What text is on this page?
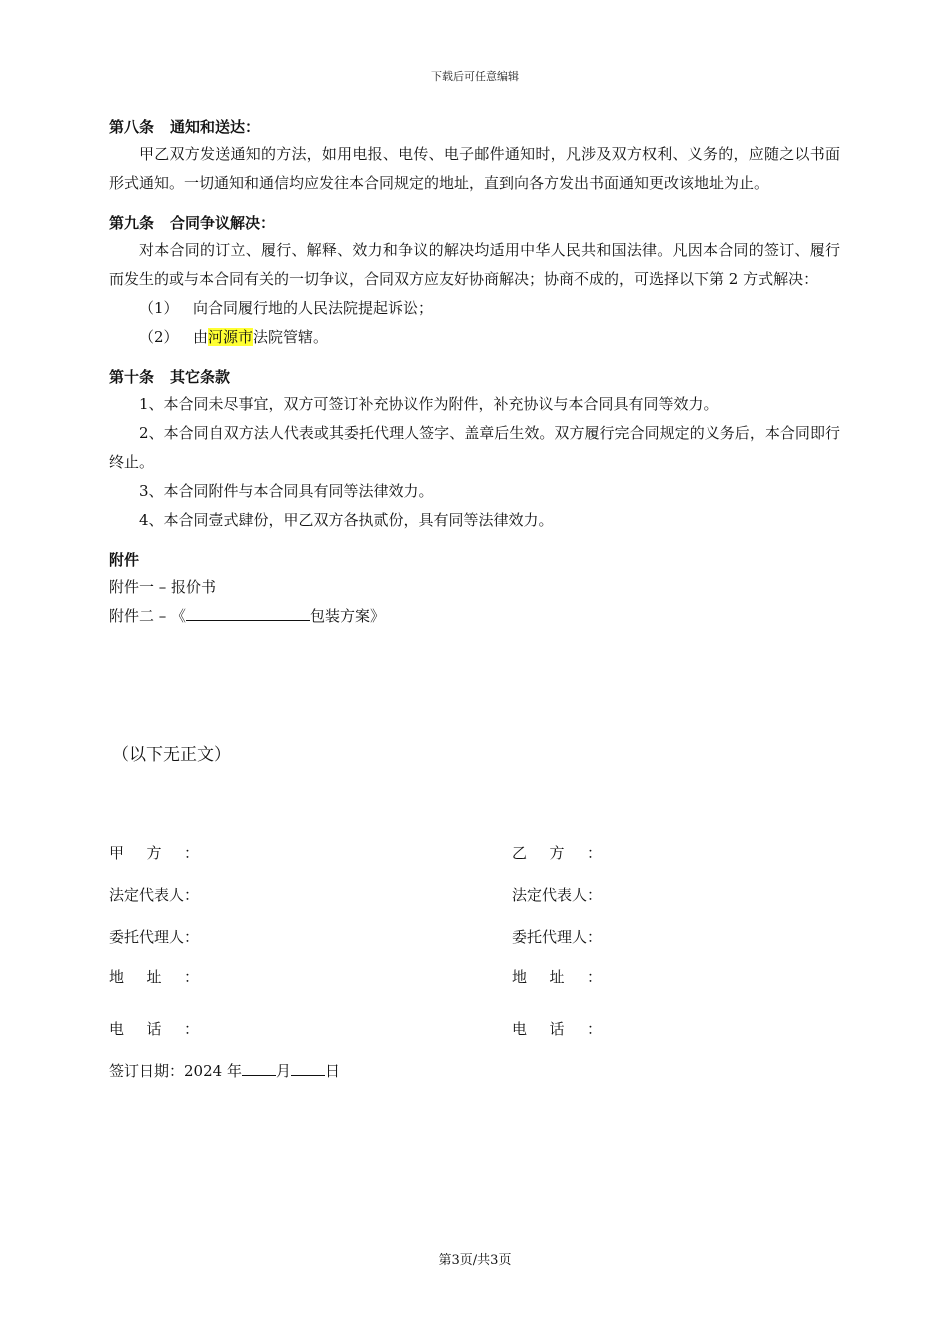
下载后可任意编辑
第八条 通知和送达：

甲乙双方发送通知的方法，如用电报、电传、电子邮件通知时，凡涉及双方权利、义务的，应随之以书面形式通知。一切通知和通信均应发往本合同规定的地址，直到向各方发出书面通知更改该地址为止。

第九条 合同争议解决：

对本合同的订立、履行、解释、效力和争议的解决均适用中华人民共和国法律。凡因本合同的签订、履行而发生的或与本合同有关的一切争议，合同双方应友好协商解决；协商不成的，可选择以下第 2 方式解决：

（1） 向合同履行地的人民法院提起诉讼；
（2） 由河源市法院管辖。
第十条 其它条款

1、本合同未尽事宜，双方可签订补充协议作为附件，补充协议与本合同具有同等效力。

2、本合同自双方法人代表或其委托代理人签字、盖章后生效。双方履行完合同规定的义务后，本合同即行终止。

3、本合同附件与本合同具有同等法律效力。

4、本合同壹式肆份，甲乙双方各执贰份，具有同等法律效力。

附件
附件一 – 报价书
附件二 – 《	包装方案》
（以下无正文）
甲方：	乙方：
法定代表人：	法定代表人：
委托代理人：	委托代理人：
地址：	地址：
电话：	电话：
签订日期：2024 年 月 日
第3页/共3页
